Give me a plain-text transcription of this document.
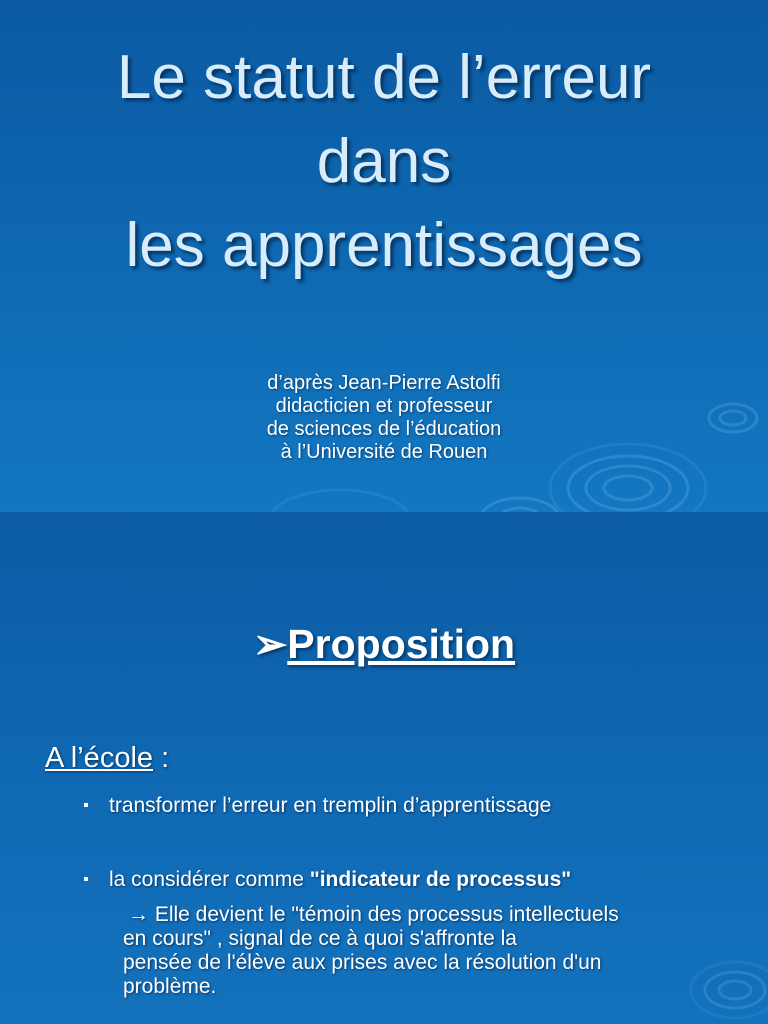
Le statut de l’erreur
dans
les apprentissages
d’après Jean-Pierre Astolfi
didacticien et professeur
de sciences de l’éducation
à l’Université de Rouen
➢Proposition
A l’école :
transformer l’erreur en tremplin d’apprentissage
la considérer comme "indicateur de processus"
→ Elle devient le "témoin des processus intellectuels
en cours" , signal de ce à quoi s'affronte la
pensée de l'élève aux prises avec la résolution d'un
problème.
